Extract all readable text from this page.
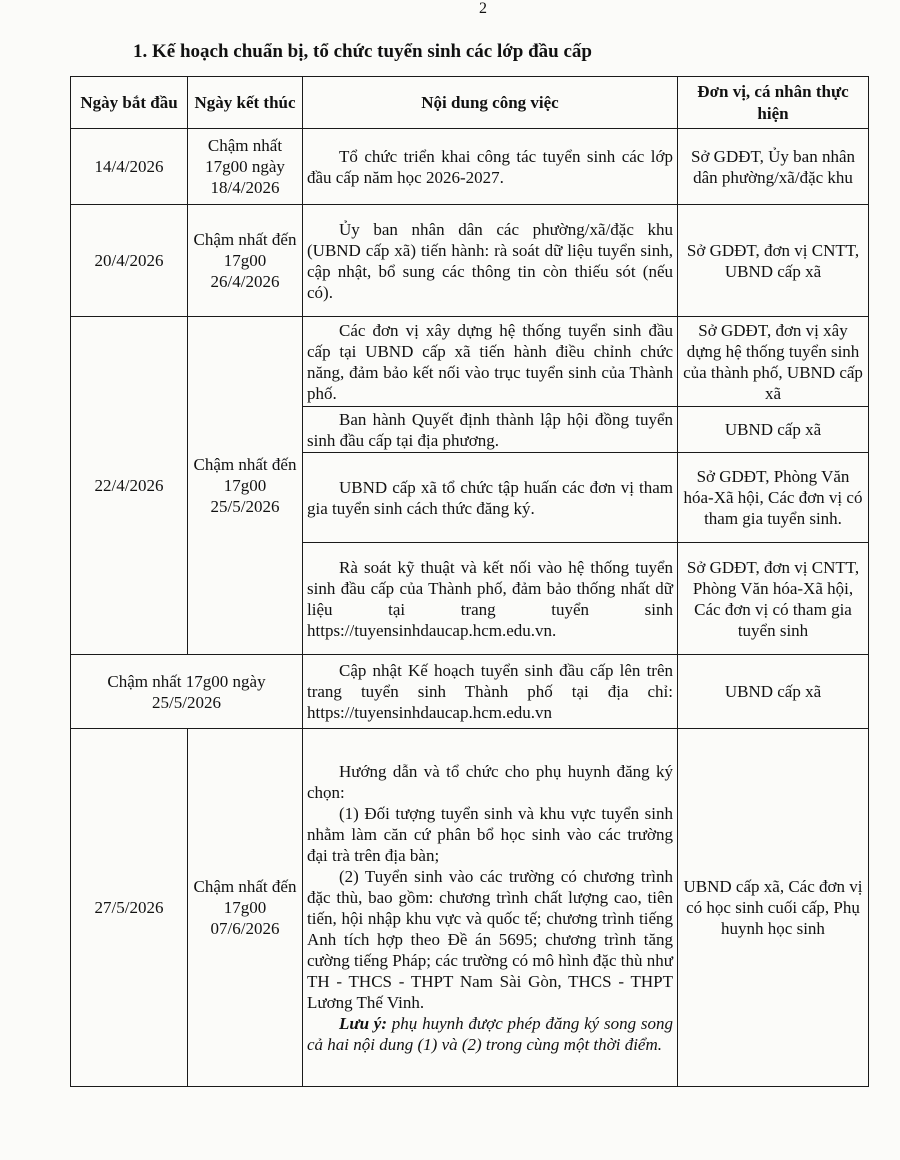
2
1. Kế hoạch chuẩn bị, tổ chức tuyển sinh các lớp đầu cấp
Ngày bắt đầu	Ngày kết thúc	Nội dung công việc	Đơn vị, cá nhân thực hiện
14/4/2026	Chậm nhất 17g00 ngày 18/4/2026	Tổ chức triển khai công tác tuyển sinh các lớp đầu cấp năm học 2026-2027.	Sở GDĐT, Ủy ban nhân dân phường/xã/đặc khu
20/4/2026	Chậm nhất đến 17g00 26/4/2026	Ủy ban nhân dân các phường/xã/đặc khu (UBND cấp xã) tiến hành: rà soát dữ liệu tuyển sinh, cập nhật, bổ sung các thông tin còn thiếu sót (nếu có).	Sở GDĐT, đơn vị CNTT, UBND cấp xã
22/4/2026	Chậm nhất đến 17g00 25/5/2026	Các đơn vị xây dựng hệ thống tuyển sinh đầu cấp tại UBND cấp xã tiến hành điều chỉnh chức năng, đảm bảo kết nối vào trục tuyển sinh của Thành phố.	Sở GDĐT, đơn vị xây dựng hệ thống tuyển sinh của thành phố, UBND cấp xã

		Ban hành Quyết định thành lập hội đồng tuyển sinh đầu cấp tại địa phương.	UBND cấp xã

		UBND cấp xã tổ chức tập huấn các đơn vị tham gia tuyển sinh cách thức đăng ký.	Sở GDĐT, Phòng Văn hóa-Xã hội, Các đơn vị có tham gia tuyển sinh.

		Rà soát kỹ thuật và kết nối vào hệ thống tuyển sinh đầu cấp của Thành phố, đảm bảo thống nhất dữ liệu tại trang tuyển sinh https://tuyensinhdaucap.hcm.edu.vn.	Sở GDĐT, đơn vị CNTT, Phòng Văn hóa-Xã hội, Các đơn vị có tham gia tuyển sinh
Chậm nhất 17g00 ngày 25/5/2026		Cập nhật Kế hoạch tuyển sinh đầu cấp lên trên trang tuyển sinh Thành phố tại địa chỉ: https://tuyensinhdaucap.hcm.edu.vn	UBND cấp xã
27/5/2026	Chậm nhất đến 17g00 07/6/2026	Hướng dẫn và tổ chức cho phụ huynh đăng ký chọn:

(1) Đối tượng tuyển sinh và khu vực tuyển sinh nhằm làm căn cứ phân bổ học sinh vào các trường đại trà trên địa bàn;

(2) Tuyển sinh vào các trường có chương trình đặc thù, bao gồm: chương trình chất lượng cao, tiên tiến, hội nhập khu vực và quốc tế; chương trình tiếng Anh tích hợp theo Đề án 5695; chương trình tăng cường tiếng Pháp; các trường có mô hình đặc thù như TH - THCS - THPT Nam Sài Gòn, THCS - THPT Lương Thế Vinh.

Lưu ý: phụ huynh được phép đăng ký song song cả hai nội dung (1) và (2) trong cùng một thời điểm.	UBND cấp xã, Các đơn vị có học sinh cuối cấp, Phụ huynh học sinh
